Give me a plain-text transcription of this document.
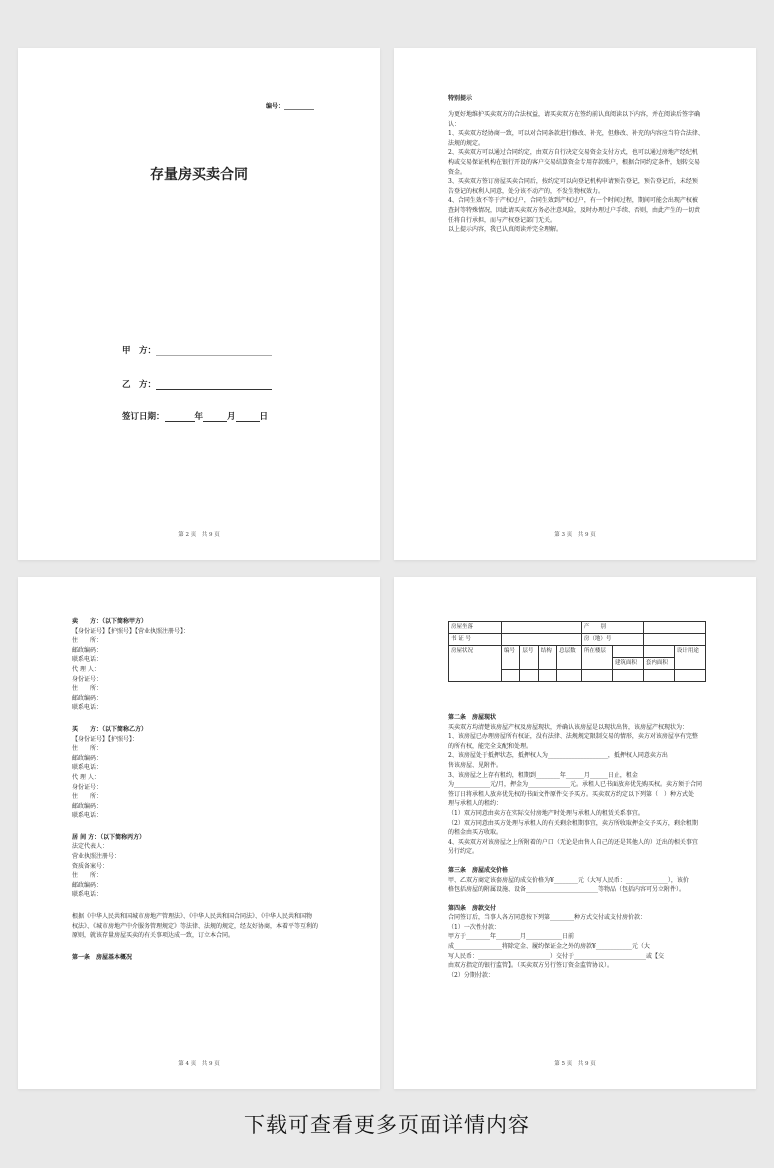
编号：__________
存量房买卖合同
甲　方：
乙　方：
签订日期：	年	月	日
第 2 页　共 9 页
特别提示
为更好地维护买卖双方的合法权益，请买卖双方在签约前认真阅读以下内容，并在阅读后签字确
认：
1、买卖双方经协商一致，可以对合同条款进行修改、补充，但修改、补充的内容应当符合法律、
法规的规定。
2、买卖双方可以通过合同约定，由双方自行决定交易资金支付方式，也可以通过房地产经纪机
构或交易保证机构在银行开设的客户交易结算资金专用存款账户，根据合同约定条件，划转交易
资金。
3、买卖双方签订房屋买卖合同后，按约定可以向登记机构申请预告登记，预告登记后，未经预
告登记的权利人同意，处分该不动产的，不发生物权效力。
4、合同生效不等于产权过户，合同生效到产权过户，有一个时间过程，期间可能会出现产权被
查封等特殊情况，因此请买卖双方务必注意风险，及时办理过户手续、否则，由此产生的一切责
任将自行承担，而与产权登记部门无关。
以上提示内容，我已认真阅读并完全理解。
第 3 页　共 9 页
卖　　方：（以下简称甲方）
【身份证号】【护照号】【营业执照注册号】：
住　　所：
邮政编码：
联系电话：
代 理 人：
身份证号：
住　　所：
邮政编码：
联系电话：
买　　方：（以下简称乙方）
【身份证号】【护照号】：
住　　所：
邮政编码：
联系电话：
代 理 人：
身份证号：
住　　所：
邮政编码：
联系电话：
居 间 方：（以下简称丙方）
法定代表人：
营业执照注册号：
资质备案号：
住　　所：
邮政编码：
联系电话：
根据《中华人民共和国城市房地产管理法》、《中华人民共和国合同法》、《中华人民共和国物
权法》、《城市房地产中介服务管理规定》等法律、法规的规定，经友好协商，本着平等互利的
原则，就该存量房屋买卖的有关事项达成一致，订立本合同。
第一条　房屋基本概况
第 4 页　共 9 页
房屋坐落					产　　别			
书 证 号					房（地）号			
房屋状况	编号	层号	结构	总层数	所在楼层			设计用途
						建筑面积	套内面积	

第二条　房屋现状
买卖双方均清楚该房屋产权及房屋现状，并确认该房屋是以现状出售，该房屋产权现状为：
1、该房屋已办理房屋所有权证，没有法律、法规规定限制交易的情形，卖方对该房屋享有完整
的所有权，能完全支配和处理。
2、该房屋处于抵押状态，抵押权人为____________________，抵押权人同意卖方出
售该房屋、见附件。
3、该房屋之上存有租约，租期到________年______月______日止，租金
为____________元/月，押金为______________元。承租人已书面放弃优先购买权。卖方须于合同
签订日将承租人放弃优先权的书面文件原件交予买方。买卖双方约定以下列第（　）种方式处
理与承租人的租约：
（1）双方同意由卖方在实际交付房地产时处理与承租人的租赁关系事宜。
（2）双方同意由买方处理与承租人的有关剩余租期事宜，卖方所收取押金交予买方，剩余租期
的租金由买方收取。
4、买卖双方对该房屋之上所附着的户口（无论是由售人自己的还是其他人的）迁出的相关事宜
另行约定。
第三条　房屋成交价格
甲、乙双方商定该套房屋的成交价格为¥________元（大写人民币：______________），该价
格包括房屋的附属设施、设备________________________等物品（包括内容可另立附件）。
第四条　房款交付
合同签订后，当事人各方同意按下列第________种方式交付或支付房价款：
（1）一次性付款：
甲方于________年________月____________日前
成________________将除定金、履约保证金之外的房款¥____________元（大
写人民币：________________________）交付于________________________或【交
由双方指定的银行监管】。（买卖双方另行签订资金监管协议）。
（2）分期付款：
第 5 页　共 9 页
下载可查看更多页面详情内容
